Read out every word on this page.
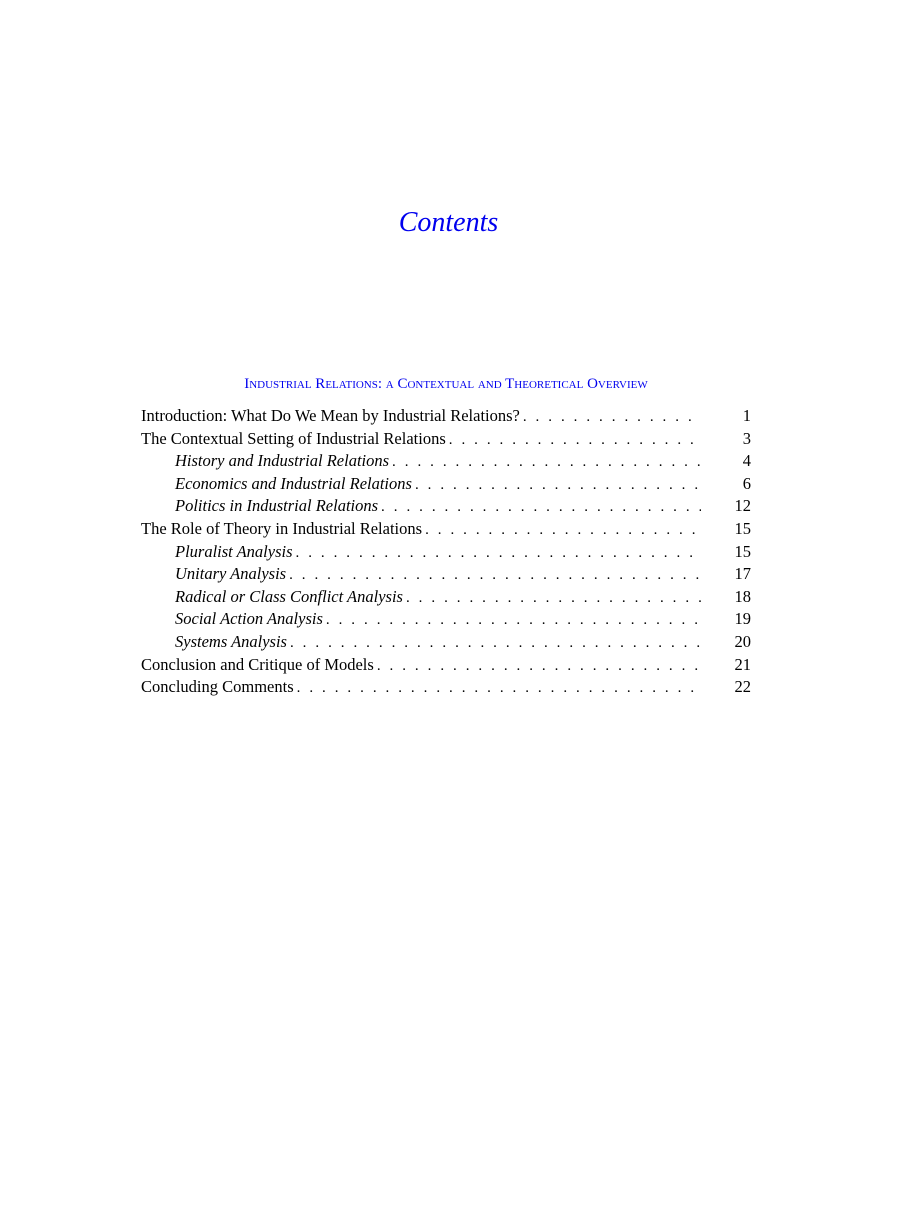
Contents
Industrial Relations: a Contextual and Theoretical Overview
Introduction: What Do We Mean by Industrial Relations? . . .	1
The Contextual Setting of Industrial Relations . . .	3
History and Industrial Relations . . .	4
Economics and Industrial Relations . . .	6
Politics in Industrial Relations . . .	12
The Role of Theory in Industrial Relations . . .	15
Pluralist Analysis . . .	15
Unitary Analysis . . .	17
Radical or Class Conflict Analysis . . .	18
Social Action Analysis . . .	19
Systems Analysis . . .	20
Conclusion and Critique of Models . . .	21
Concluding Comments . . .	22
